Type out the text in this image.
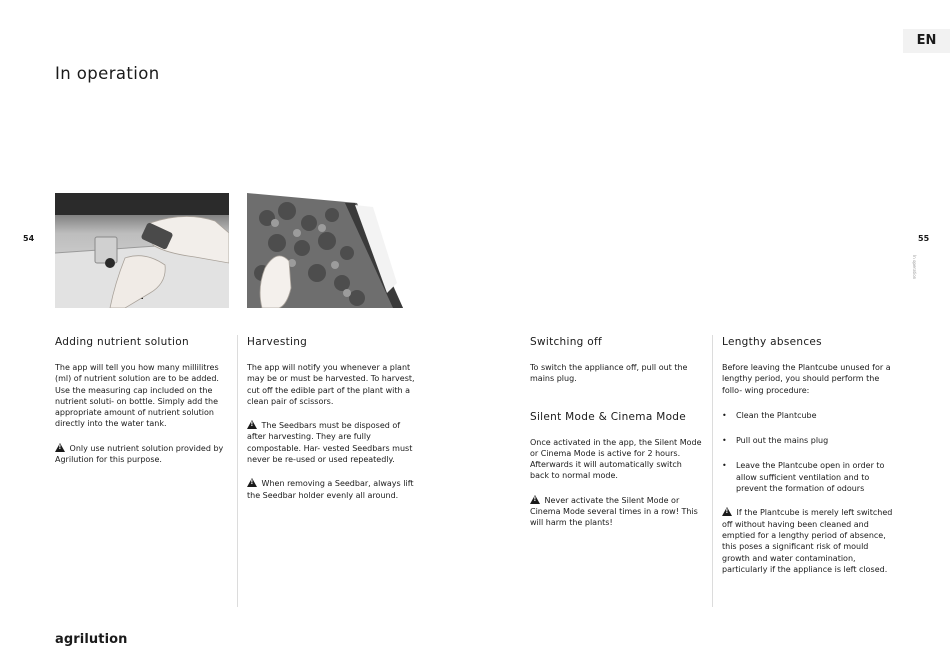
In operation
EN
54	55
In operation
Adding nutrient solution

The app will tell you how many millilitres (ml) of nutrient solution are to be added. Use the measuring cap included on the nutrient soluti- on bottle. Simply add the appropriate amount of nutrient solution directly into the water tank.

! Only use nutrient solution provided by Agrilution for this purpose.

Harvesting

The app will notify you whenever a plant may be or must be harvested. To harvest, cut off the edible part of the plant with a clean pair of scissors.

! The Seedbars must be disposed of after harvesting. They are fully compostable. Har- vested Seedbars must never be re-used or used repeatedly.

! When removing a Seedbar, always lift the Seedbar holder evenly all around.

Switching off

To switch the appliance off, pull out the mains plug.

Silent Mode & Cinema Mode

Once activated in the app, the Silent Mode or Cinema Mode is active for 2 hours. Afterwards it will automatically switch back to normal mode.

! Never activate the Silent Mode or Cinema Mode several times in a row! This will harm the plants!

Lengthy absences

Before leaving the Plantcube unused for a lengthy period, you should perform the follo- wing procedure:

• Clean the Plantcube
• Pull out the mains plug
• Leave the Plantcube open in order to allow sufficient ventilation and to prevent the formation of odours

! If the Plantcube is merely left switched off without having been cleaned and emptied for a lengthy period of absence, this poses a significant risk of mould growth and water contamination, particularly if the appliance is left closed.

agrilution
